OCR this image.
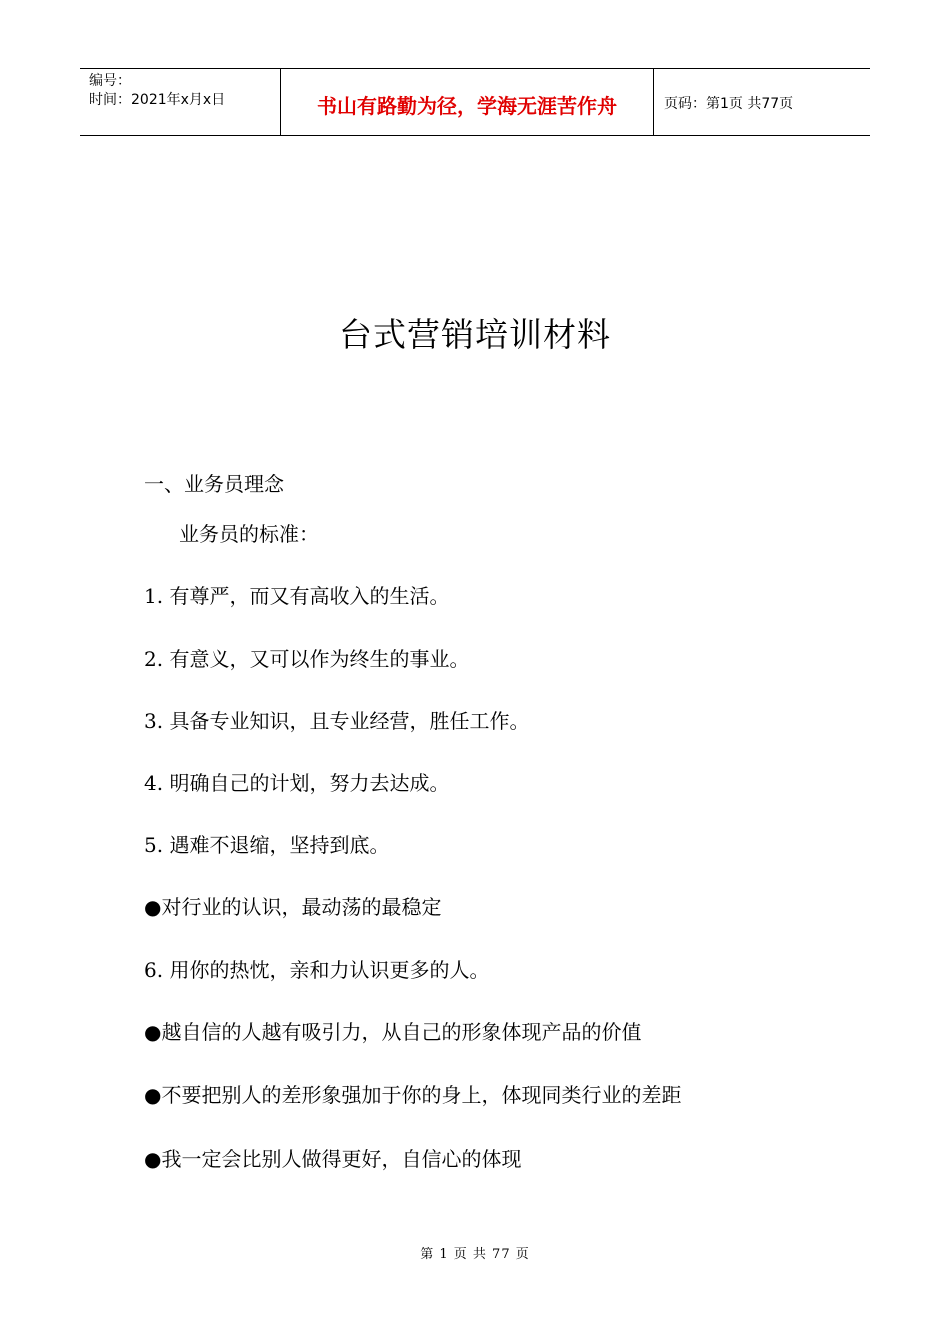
编号：
时间：2021年x月x日	书山有路勤为径，学海无涯苦作舟	页码：第1页 共77页
台式营销培训材料
一、业务员理念
业务员的标准：
1. 有尊严，而又有高收入的生活。
2. 有意义，又可以作为终生的事业。
3. 具备专业知识，且专业经营，胜任工作。
4. 明确自己的计划，努力去达成。
5. 遇难不退缩，坚持到底。
●对行业的认识，最动荡的最稳定
6. 用你的热忱，亲和力认识更多的人。
●越自信的人越有吸引力，从自己的形象体现产品的价值
●不要把别人的差形象强加于你的身上，体现同类行业的差距
●我一定会比别人做得更好，自信心的体现
第 1 页 共 77 页
